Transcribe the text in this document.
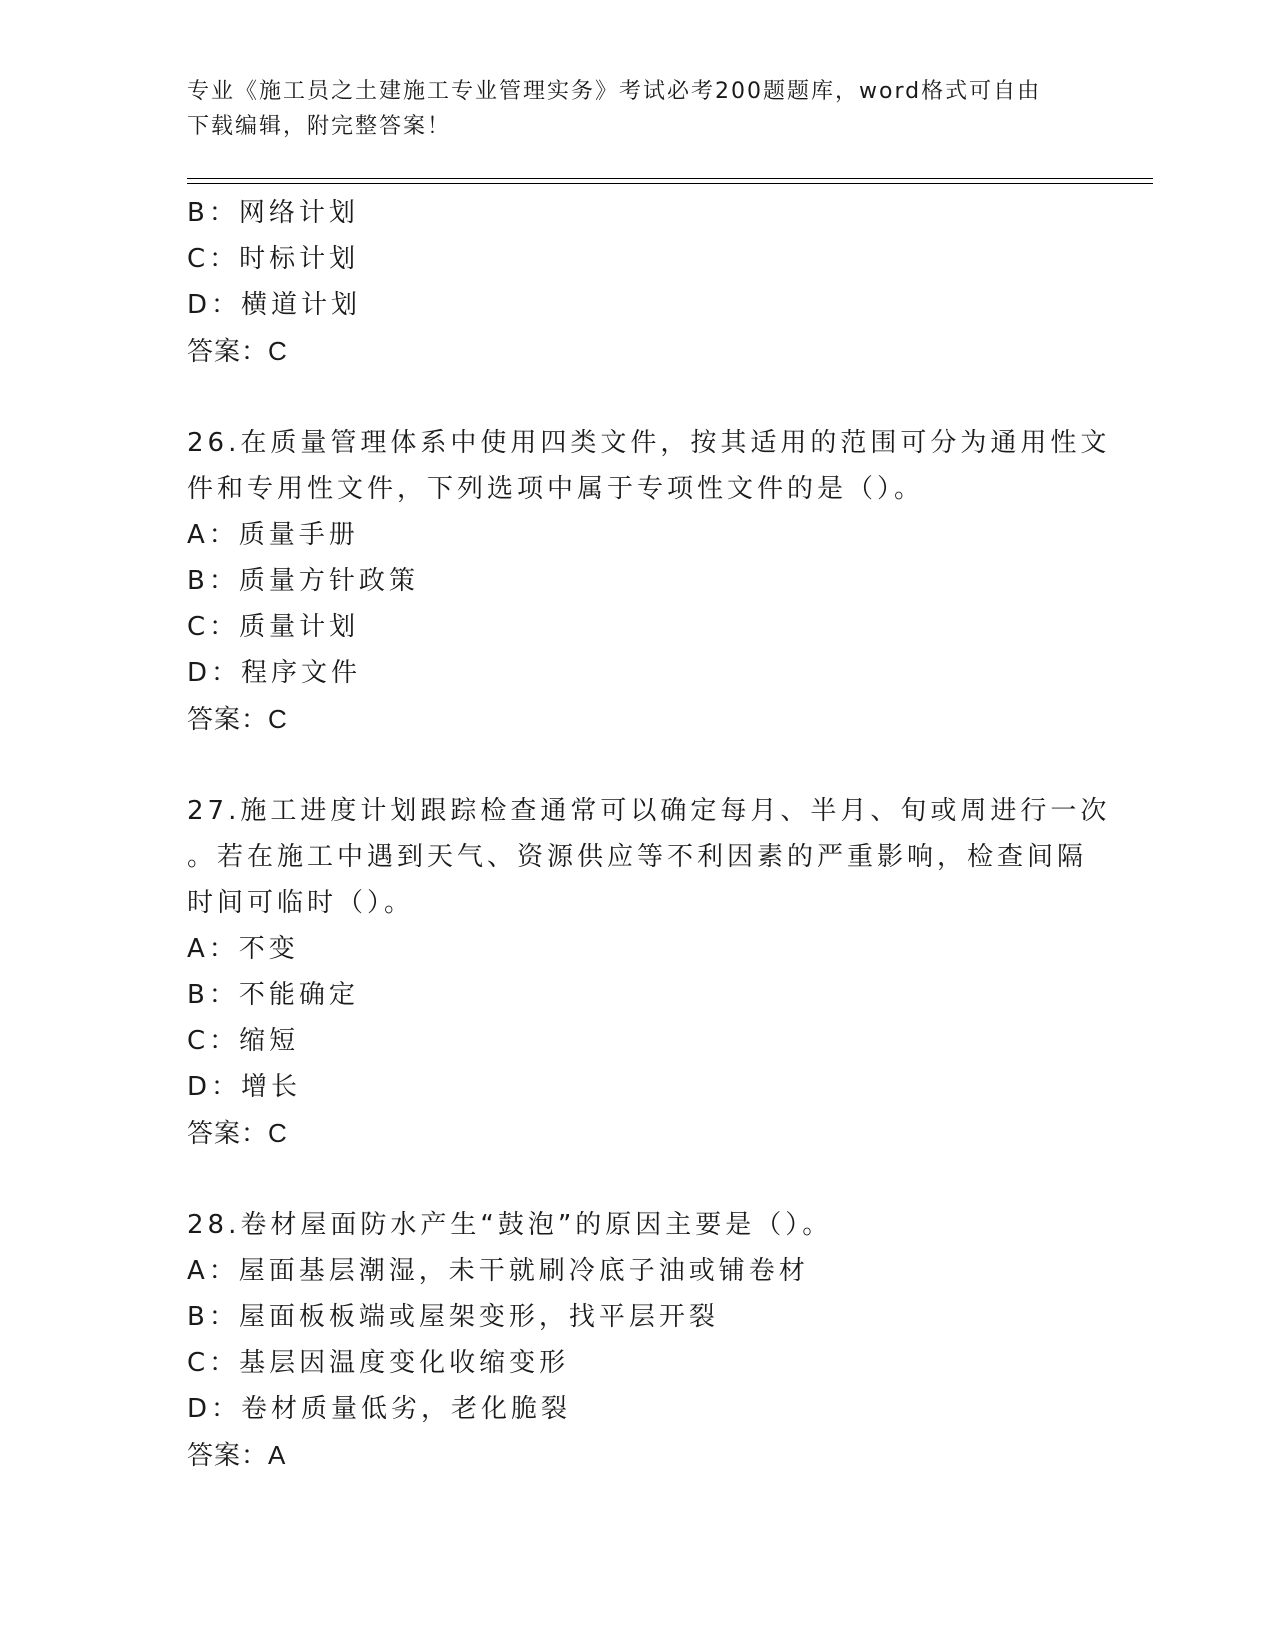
专业《施工员之土建施工专业管理实务》考试必考200题题库，word格式可自由
下载编辑，附完整答案！
B：网络计划
C：时标计划
D：横道计划
答案：C
26.在质量管理体系中使用四类文件，按其适用的范围可分为通用性文
件和专用性文件，下列选项中属于专项性文件的是（）。
A：质量手册
B：质量方针政策
C：质量计划
D：程序文件
答案：C
27.施工进度计划跟踪检查通常可以确定每月、半月、旬或周进行一次
。若在施工中遇到天气、资源供应等不利因素的严重影响，检查间隔
时间可临时（）。
A：不变
B：不能确定
C：缩短
D：增长
答案：C
28.卷材屋面防水产生“鼓泡”的原因主要是（）。
A：屋面基层潮湿，未干就刷冷底子油或铺卷材
B：屋面板板端或屋架变形，找平层开裂
C：基层因温度变化收缩变形
D：卷材质量低劣，老化脆裂
答案：A
